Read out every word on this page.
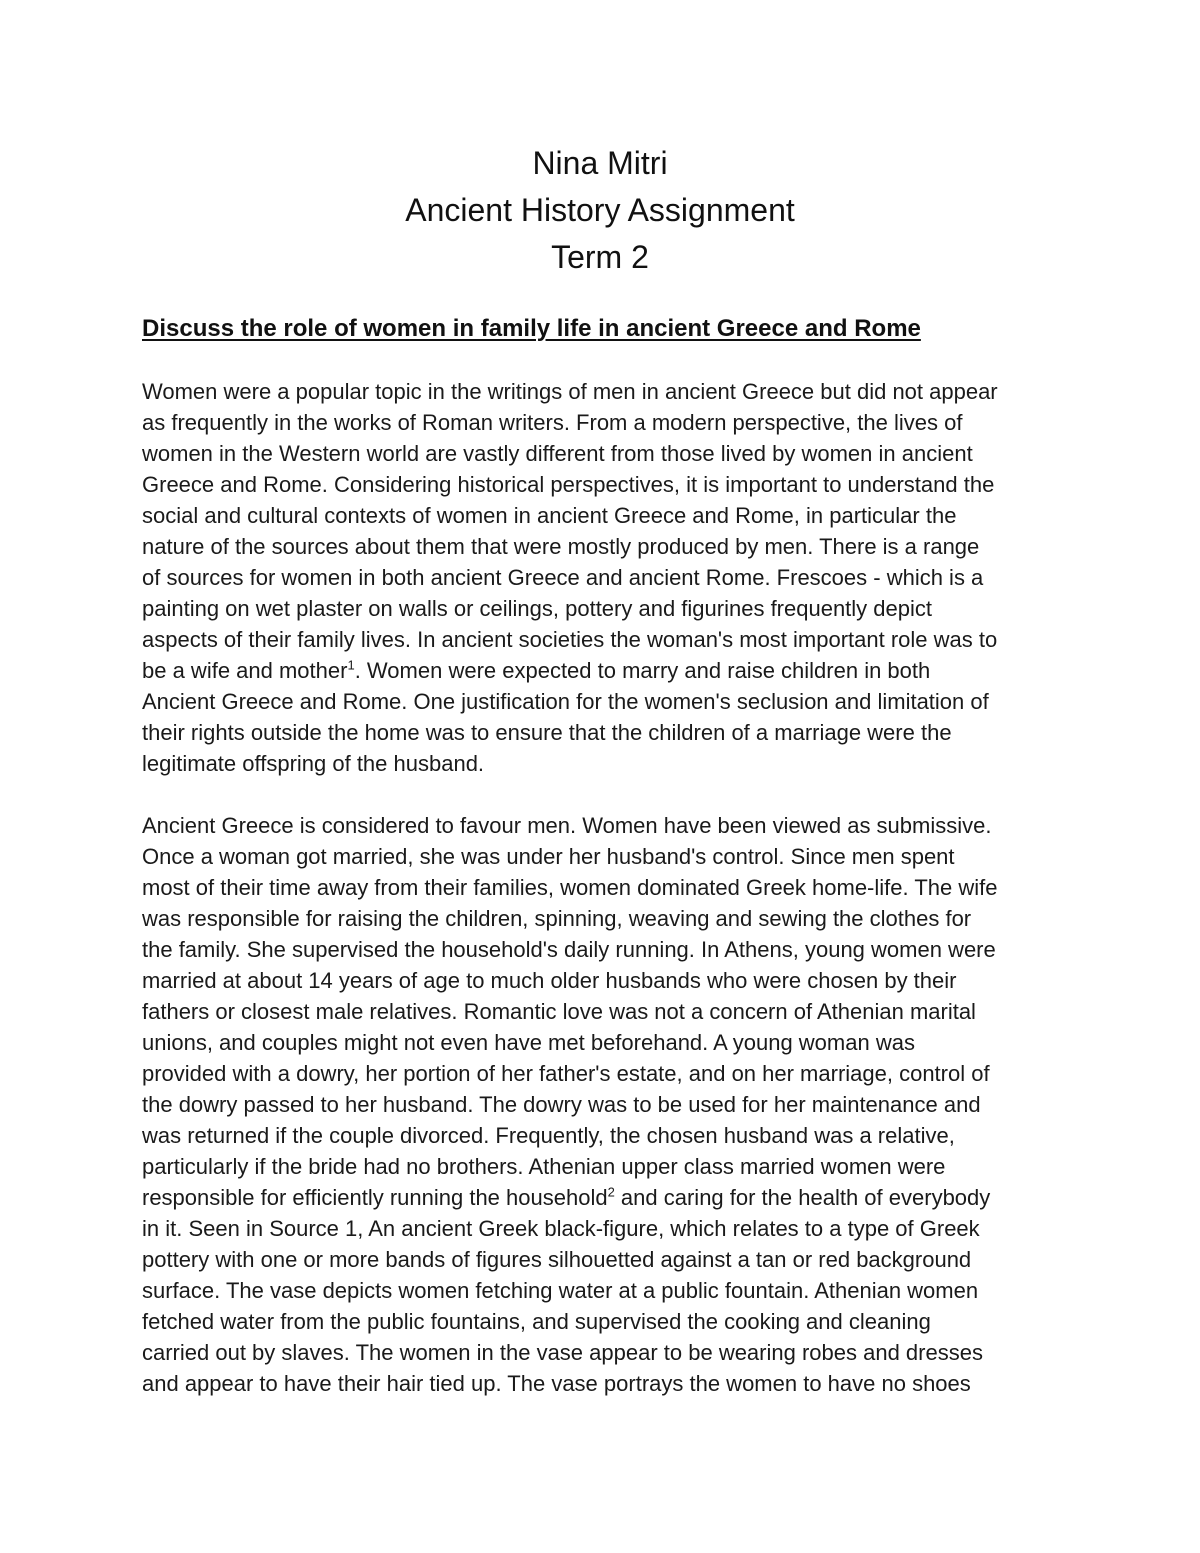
Nina Mitri

Ancient History Assignment

Term 2

Discuss the role of women in family life in ancient Greece and Rome

Women were a popular topic in the writings of men in ancient Greece but did not appear
as frequently in the works of Roman writers. From a modern perspective, the lives of
women in the Western world are vastly different from those lived by women in ancient
Greece and Rome. Considering historical perspectives, it is important to understand the
social and cultural contexts of women in ancient Greece and Rome, in particular the
nature of the sources about them that were mostly produced by men. There is a range
of sources for women in both ancient Greece and ancient Rome. Frescoes - which is a
painting on wet plaster on walls or ceilings, pottery and figurines frequently depict
aspects of their family lives. In ancient societies the woman's most important role was to
be a wife and mother$^1$. Women were expected to marry and raise children in both
Ancient Greece and Rome. One justification for the women's seclusion and limitation of
their rights outside the home was to ensure that the children of a marriage were the
legitimate offspring of the husband.
Ancient Greece is considered to favour men. Women have been viewed as submissive.
Once a woman got married, she was under her husband's control. Since men spent
most of their time away from their families, women dominated Greek home-life. The wife
was responsible for raising the children, spinning, weaving and sewing the clothes for
the family. She supervised the household's daily running. In Athens, young women were
married at about 14 years of age to much older husbands who were chosen by their
fathers or closest male relatives. Romantic love was not a concern of Athenian marital
unions, and couples might not even have met beforehand. A young woman was
provided with a dowry, her portion of her father's estate, and on her marriage, control of
the dowry passed to her husband. The dowry was to be used for her maintenance and
was returned if the couple divorced. Frequently, the chosen husband was a relative,
particularly if the bride had no brothers. Athenian upper class married women were
responsible for efficiently running the household$^2$ and caring for the health of everybody
in it. Seen in Source 1, An ancient Greek black-figure, which relates to a type of Greek
pottery with one or more bands of figures silhouetted against a tan or red background
surface. The vase depicts women fetching water at a public fountain. Athenian women
fetched water from the public fountains, and supervised the cooking and cleaning
carried out by slaves. The women in the vase appear to be wearing robes and dresses
and appear to have their hair tied up. The vase portrays the women to have no shoes
